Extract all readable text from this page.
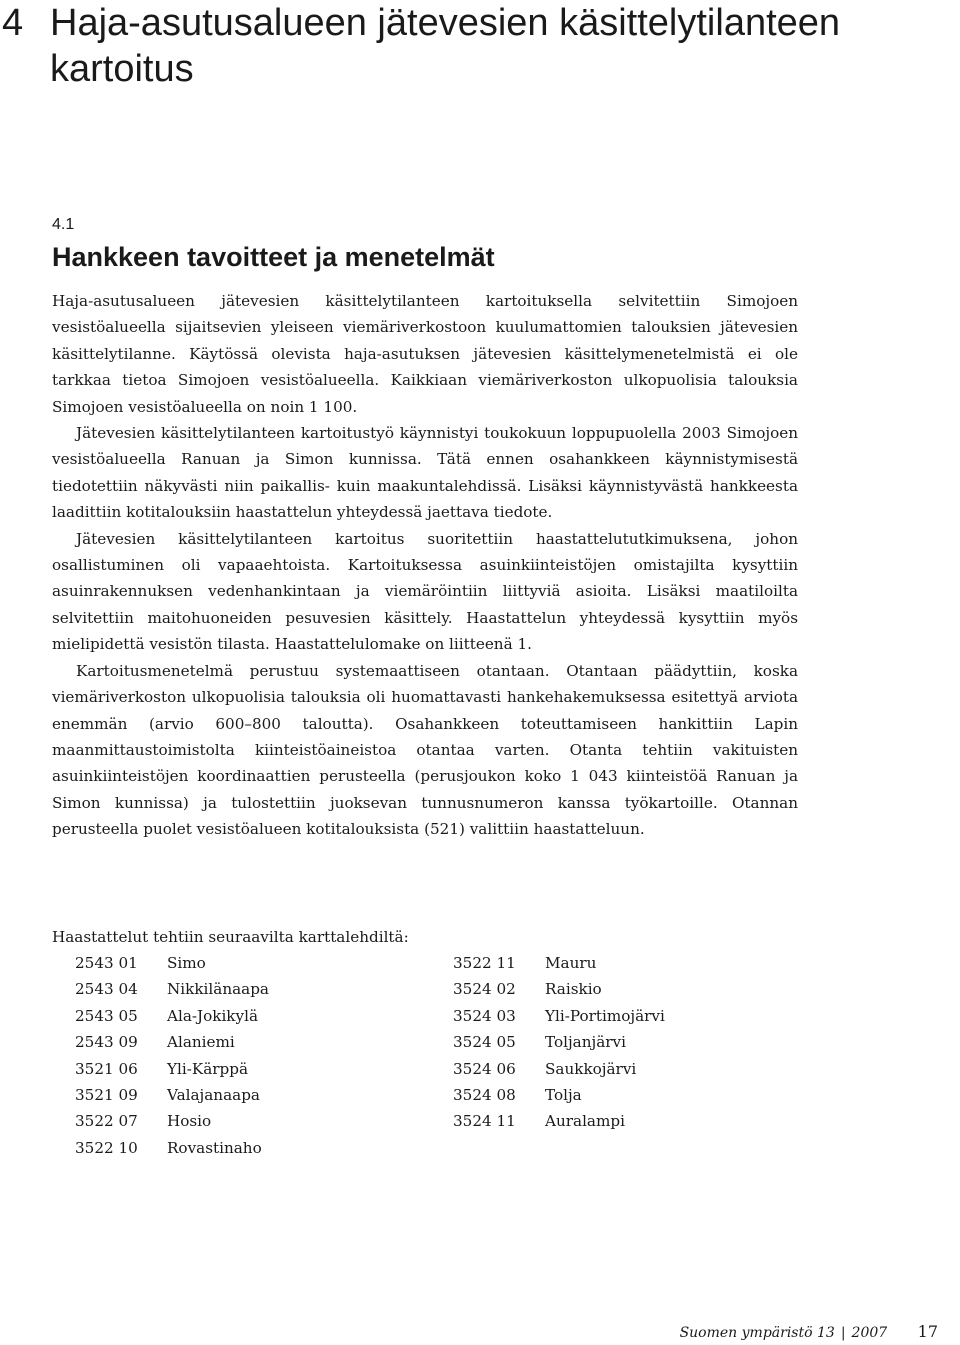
4 Haja-asutusalueen jätevesien käsittelytilanteen kartoitus
4.1
Hankkeen tavoitteet ja menetelmät

Haja-asutusalueen jätevesien käsittelytilanteen kartoituksella selvitettiin Simojoen vesistöalueella sijaitsevien yleiseen viemäriverkostoon kuulumattomien talouksien jätevesien käsittelytilanne. Käytössä olevista haja-asutuksen jätevesien käsittelymenetelmistä ei ole tarkkaa tietoa Simojoen vesistöalueella. Kaikkiaan viemäriverkoston ulkopuolisia talouksia Simojoen vesistöalueella on noin 1 100.

Jätevesien käsittelytilanteen kartoitustyö käynnistyi toukokuun loppupuolella 2003 Simojoen vesistöalueella Ranuan ja Simon kunnissa. Tätä ennen osahankkeen käynnistymisestä tiedotettiin näkyvästi niin paikallis- kuin maakuntalehdissä. Lisäksi käynnistyvästä hankkeesta laadittiin kotitalouksiin haastattelun yhteydessä jaettava tiedote.

Jätevesien käsittelytilanteen kartoitus suoritettiin haastattelututkimuksena, johon osallistuminen oli vapaaehtoista. Kartoituksessa asuinkiinteistöjen omistajilta kysyttiin asuinrakennuksen vedenhankintaan ja viemäröintiin liittyviä asioita. Lisäksi maatiloilta selvitettiin maitohuoneiden pesuvesien käsittely. Haastattelun yhteydessä kysyttiin myös mielipidettä vesistön tilasta. Haastattelulomake on liitteenä 1.

Kartoitusmenetelmä perustuu systemaattiseen otantaan. Otantaan päädyttiin, koska viemäriverkoston ulkopuolisia talouksia oli huomattavasti hankehakemuksessa esitettyä arviota enemmän (arvio 600–800 taloutta). Osahankkeen toteuttamiseen hankittiin Lapin maanmittaustoimistolta kiinteistöaineistoa otantaa varten. Otanta tehtiin vakituisten asuinkiinteistöjen koordinaattien perusteella (perusjoukon koko 1 043 kiinteistöä Ranuan ja Simon kunnissa) ja tulostettiin juoksevan tunnusnumeron kanssa työkartoille. Otannan perusteella puolet vesistöalueen kotitalouksista (521) valittiin haastatteluun.

Haastattelut tehtiin seuraavilta karttalehdiltä:
2543 01	Simo
2543 04	Nikkilänaapa
2543 05	Ala-Jokikylä
2543 09	Alaniemi
3521 06	Yli-Kärppä
3521 09	Valajanaapa
3522 07	Hosio
3522 10	Rovastinaho
3522 11	Mauru
3524 02	Raiskio
3524 03	Yli-Portimojärvi
3524 05	Toljanjärvi
3524 06	Saukkojärvi
3524 08	Tolja
3524 11	Auralampi
Suomen ympäristö 13 | 2007 17
